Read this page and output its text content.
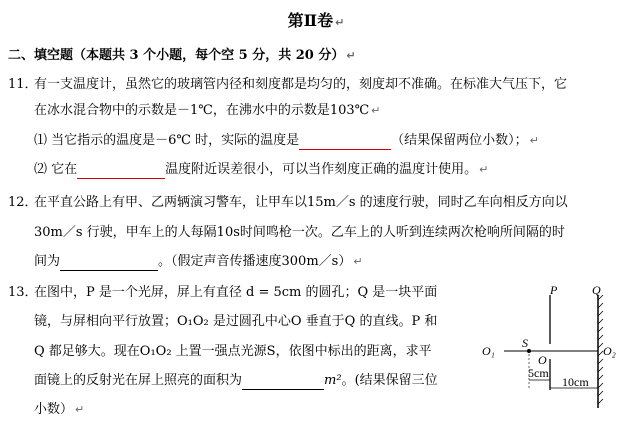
第Ⅱ卷 ↵
二、填空题（本题共 3 个小题，每个空 5 分，共 20 分） ↵
11．
有一支温度计，虽然它的玻璃管内径和刻度都是均匀的，刻度却不准确。在标准大气压下，它
在冰水混合物中的示数是－1℃，在沸水中的示数是103℃ ↵
⑴ 当它指示的温度是－6℃ 时，实际的温度是	（结果保留两位小数）； ↵
⑵ 它在	温度附近误差很小，可以当作刻度正确的温度计使用。 ↵
12．
在平直公路上有甲、乙两辆演习警车，让甲车以15m／s 的速度行驶，同时乙车向相反方向以
30m／s 行驶，甲车上的人每隔10s时间鸣枪一次。乙车上的人听到连续两次枪响所间隔的时
间为	。（假定声音传播速度300m／s） ↵
13．
在图中，P 是一个光屏，屏上有直径 d = 5cm 的圆孔；Q 是一块平面
镜，与屏相向平行放置；O₁O₂ 是过圆孔中心O 垂直于Q 的直线。P 和
Q 都足够大。现在O₁O₂ 上置一强点光源S，依图中标出的距离，求平
面镜上的反射光在屏上照亮的面积为	m²。(结果保留三位
小数） ↵
P	Q
O₁
S
O
O₂
5cm
10cm
